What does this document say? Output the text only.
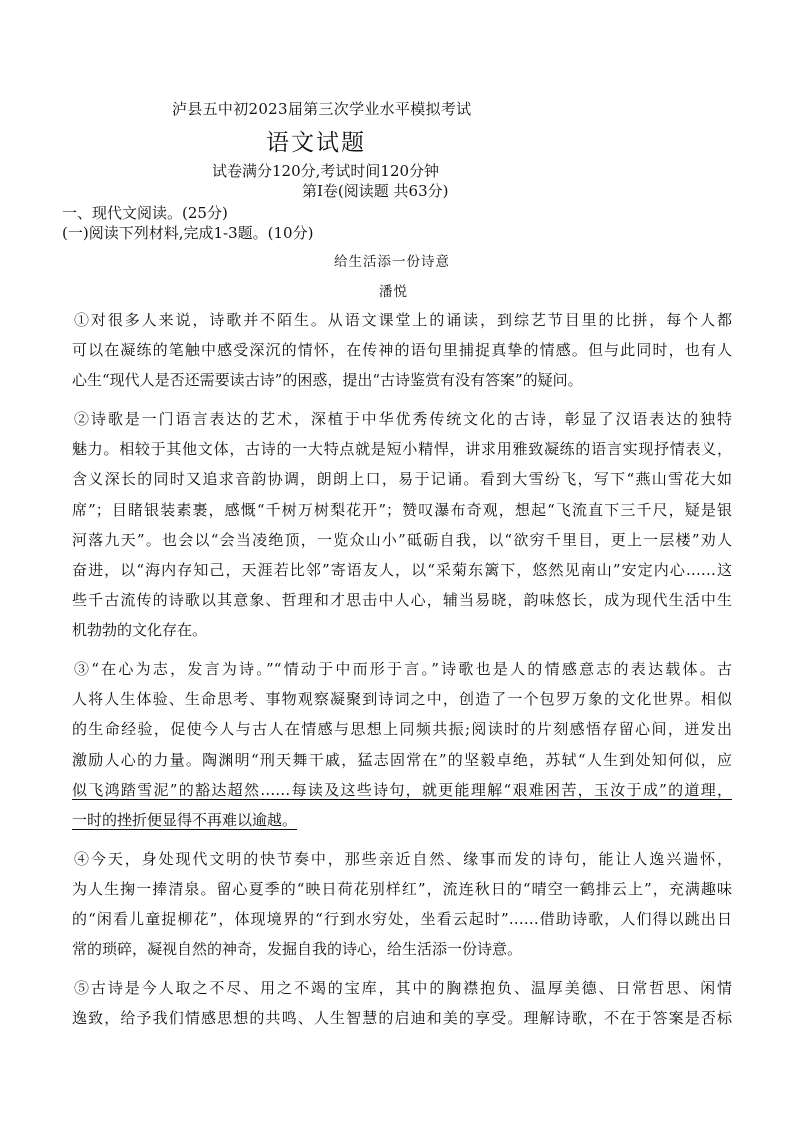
泸县五中初2023届第三次学业水平模拟考试
语文试题
试卷满分120分,考试时间120分钟
第Ⅰ卷(阅读题 共63分)
一、现代文阅读。(25分)
(一)阅读下列材料,完成1-3题。(10分)
给生活添一份诗意
潘悦
①对很多人来说，诗歌并不陌生。从语文课堂上的诵读，到综艺节目里的比拼，每个人都
可以在凝练的笔触中感受深沉的情怀，在传神的语句里捕捉真挚的情感。但与此同时，也有人
心生“现代人是否还需要读古诗”的困惑，提出“古诗鉴赏有没有答案”的疑问。
②诗歌是一门语言表达的艺术，深植于中华优秀传统文化的古诗，彰显了汉语表达的独特
魅力。相较于其他文体，古诗的一大特点就是短小精悍，讲求用雅致凝练的语言实现抒情表义，
含义深长的同时又追求音韵协调，朗朗上口，易于记诵。看到大雪纷飞，写下“燕山雪花大如
席”；目睹银装素裹，感慨“千树万树梨花开”；赞叹瀑布奇观，想起“飞流直下三千尺，疑是银
河落九天”。也会以“会当凌绝顶，一览众山小”砥砺自我，以“欲穷千里目，更上一层楼”劝人
奋进，以“海内存知己，天涯若比邻”寄语友人，以“采菊东篱下，悠然见南山”安定内心……这
些千古流传的诗歌以其意象、哲理和才思击中人心，辅当易晓，韵味悠长，成为现代生活中生
机勃勃的文化存在。
③“在心为志，发言为诗。”“情动于中而形于言。”诗歌也是人的情感意志的表达载体。古
人将人生体验、生命思考、事物观察凝聚到诗词之中，创造了一个包罗万象的文化世界。相似
的生命经验，促使今人与古人在情感与思想上同频共振;阅读时的片刻感悟存留心间，迸发出
激励人心的力量。陶渊明“刑天舞干戚，猛志固常在”的坚毅卓绝，苏轼“人生到处知何似，应
似飞鸿踏雪泥”的豁达超然……每读及这些诗句，就更能理解“艰难困苦，玉汝于成”的道理，
一时的挫折便显得不再难以逾越。
④今天，身处现代文明的快节奏中，那些亲近自然、缘事而发的诗句，能让人逸兴遄怀，
为人生掬一捧清泉。留心夏季的“映日荷花别样红”，流连秋日的“晴空一鹤排云上”，充满趣味
的“闲看儿童捉柳花”，体现境界的“行到水穷处，坐看云起时”……借助诗歌，人们得以跳出日
常的琐碎，凝视自然的神奇，发掘自我的诗心，给生活添一份诗意。
⑤古诗是今人取之不尽、用之不竭的宝库，其中的胸襟抱负、温厚美德、日常哲思、闲情
逸致，给予我们情感思想的共鸣、人生智慧的启迪和美的享受。理解诗歌，不在于答案是否标
